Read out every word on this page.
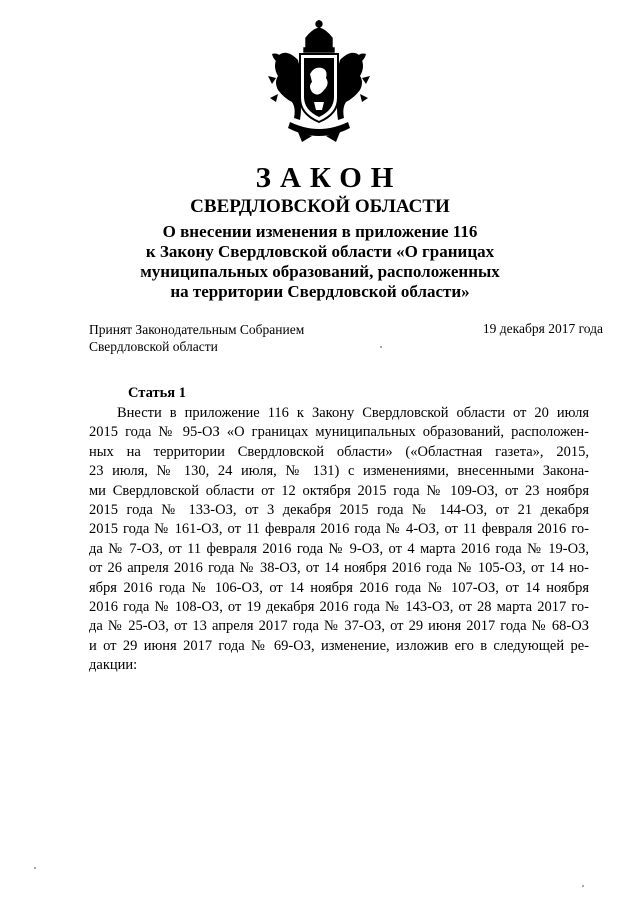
ЗАКОН
СВЕРДЛОВСКОЙ ОБЛАСТИ
О внесении изменения в приложение 116
к Закону Свердловской области «О границах
муниципальных образований, расположенных
на территории Свердловской области»
Принят Законодательным Собранием
Свердловской области
19 декабря 2017 года
Статья 1
Внести в приложение 116 к Закону Свердловской области от 20 июля
2015 года № 95-ОЗ «О границах муниципальных образований, расположен-
ных на территории Свердловской области» («Областная газета», 2015,
23 июля, № 130, 24 июля, № 131) с изменениями, внесенными Закона-
ми Свердловской области от 12 октября 2015 года № 109-ОЗ, от 23 ноября
2015 года № 133-ОЗ, от 3 декабря 2015 года № 144-ОЗ, от 21 декабря
2015 года № 161-ОЗ, от 11 февраля 2016 года № 4-ОЗ, от 11 февраля 2016 го-
да № 7-ОЗ, от 11 февраля 2016 года № 9-ОЗ, от 4 марта 2016 года № 19-ОЗ,
от 26 апреля 2016 года № 38-ОЗ, от 14 ноября 2016 года № 105-ОЗ, от 14 но-
ября 2016 года № 106-ОЗ, от 14 ноября 2016 года № 107-ОЗ, от 14 ноября
2016 года № 108-ОЗ, от 19 декабря 2016 года № 143-ОЗ, от 28 марта 2017 го-
да № 25-ОЗ, от 13 апреля 2017 года № 37-ОЗ, от 29 июня 2017 года № 68-ОЗ
и от 29 июня 2017 года № 69-ОЗ, изменение, изложив его в следующей ре-
дакции:
